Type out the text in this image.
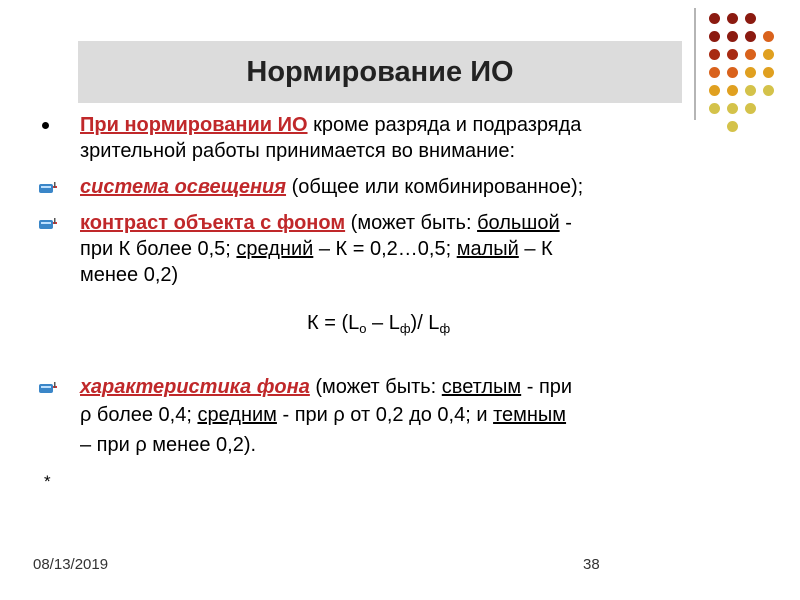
Нормирование ИО
При нормировании ИО кроме разряда и подразряда
зрительной работы принимается во внимание:
система освещения (общее или комбинированное);
контраст объекта с фоном (может быть: большой -
при К более 0,5; средний – К = 0,2…0,5; малый – К
менее 0,2)
характеристика фона (может быть: светлым - при
ρ более 0,4; средним - при ρ от 0,2 до 0,4; и темным
– при ρ менее 0,2).
$К = (L_о - L_ф)/$ $L_ф$
*
08/13/2019	38
